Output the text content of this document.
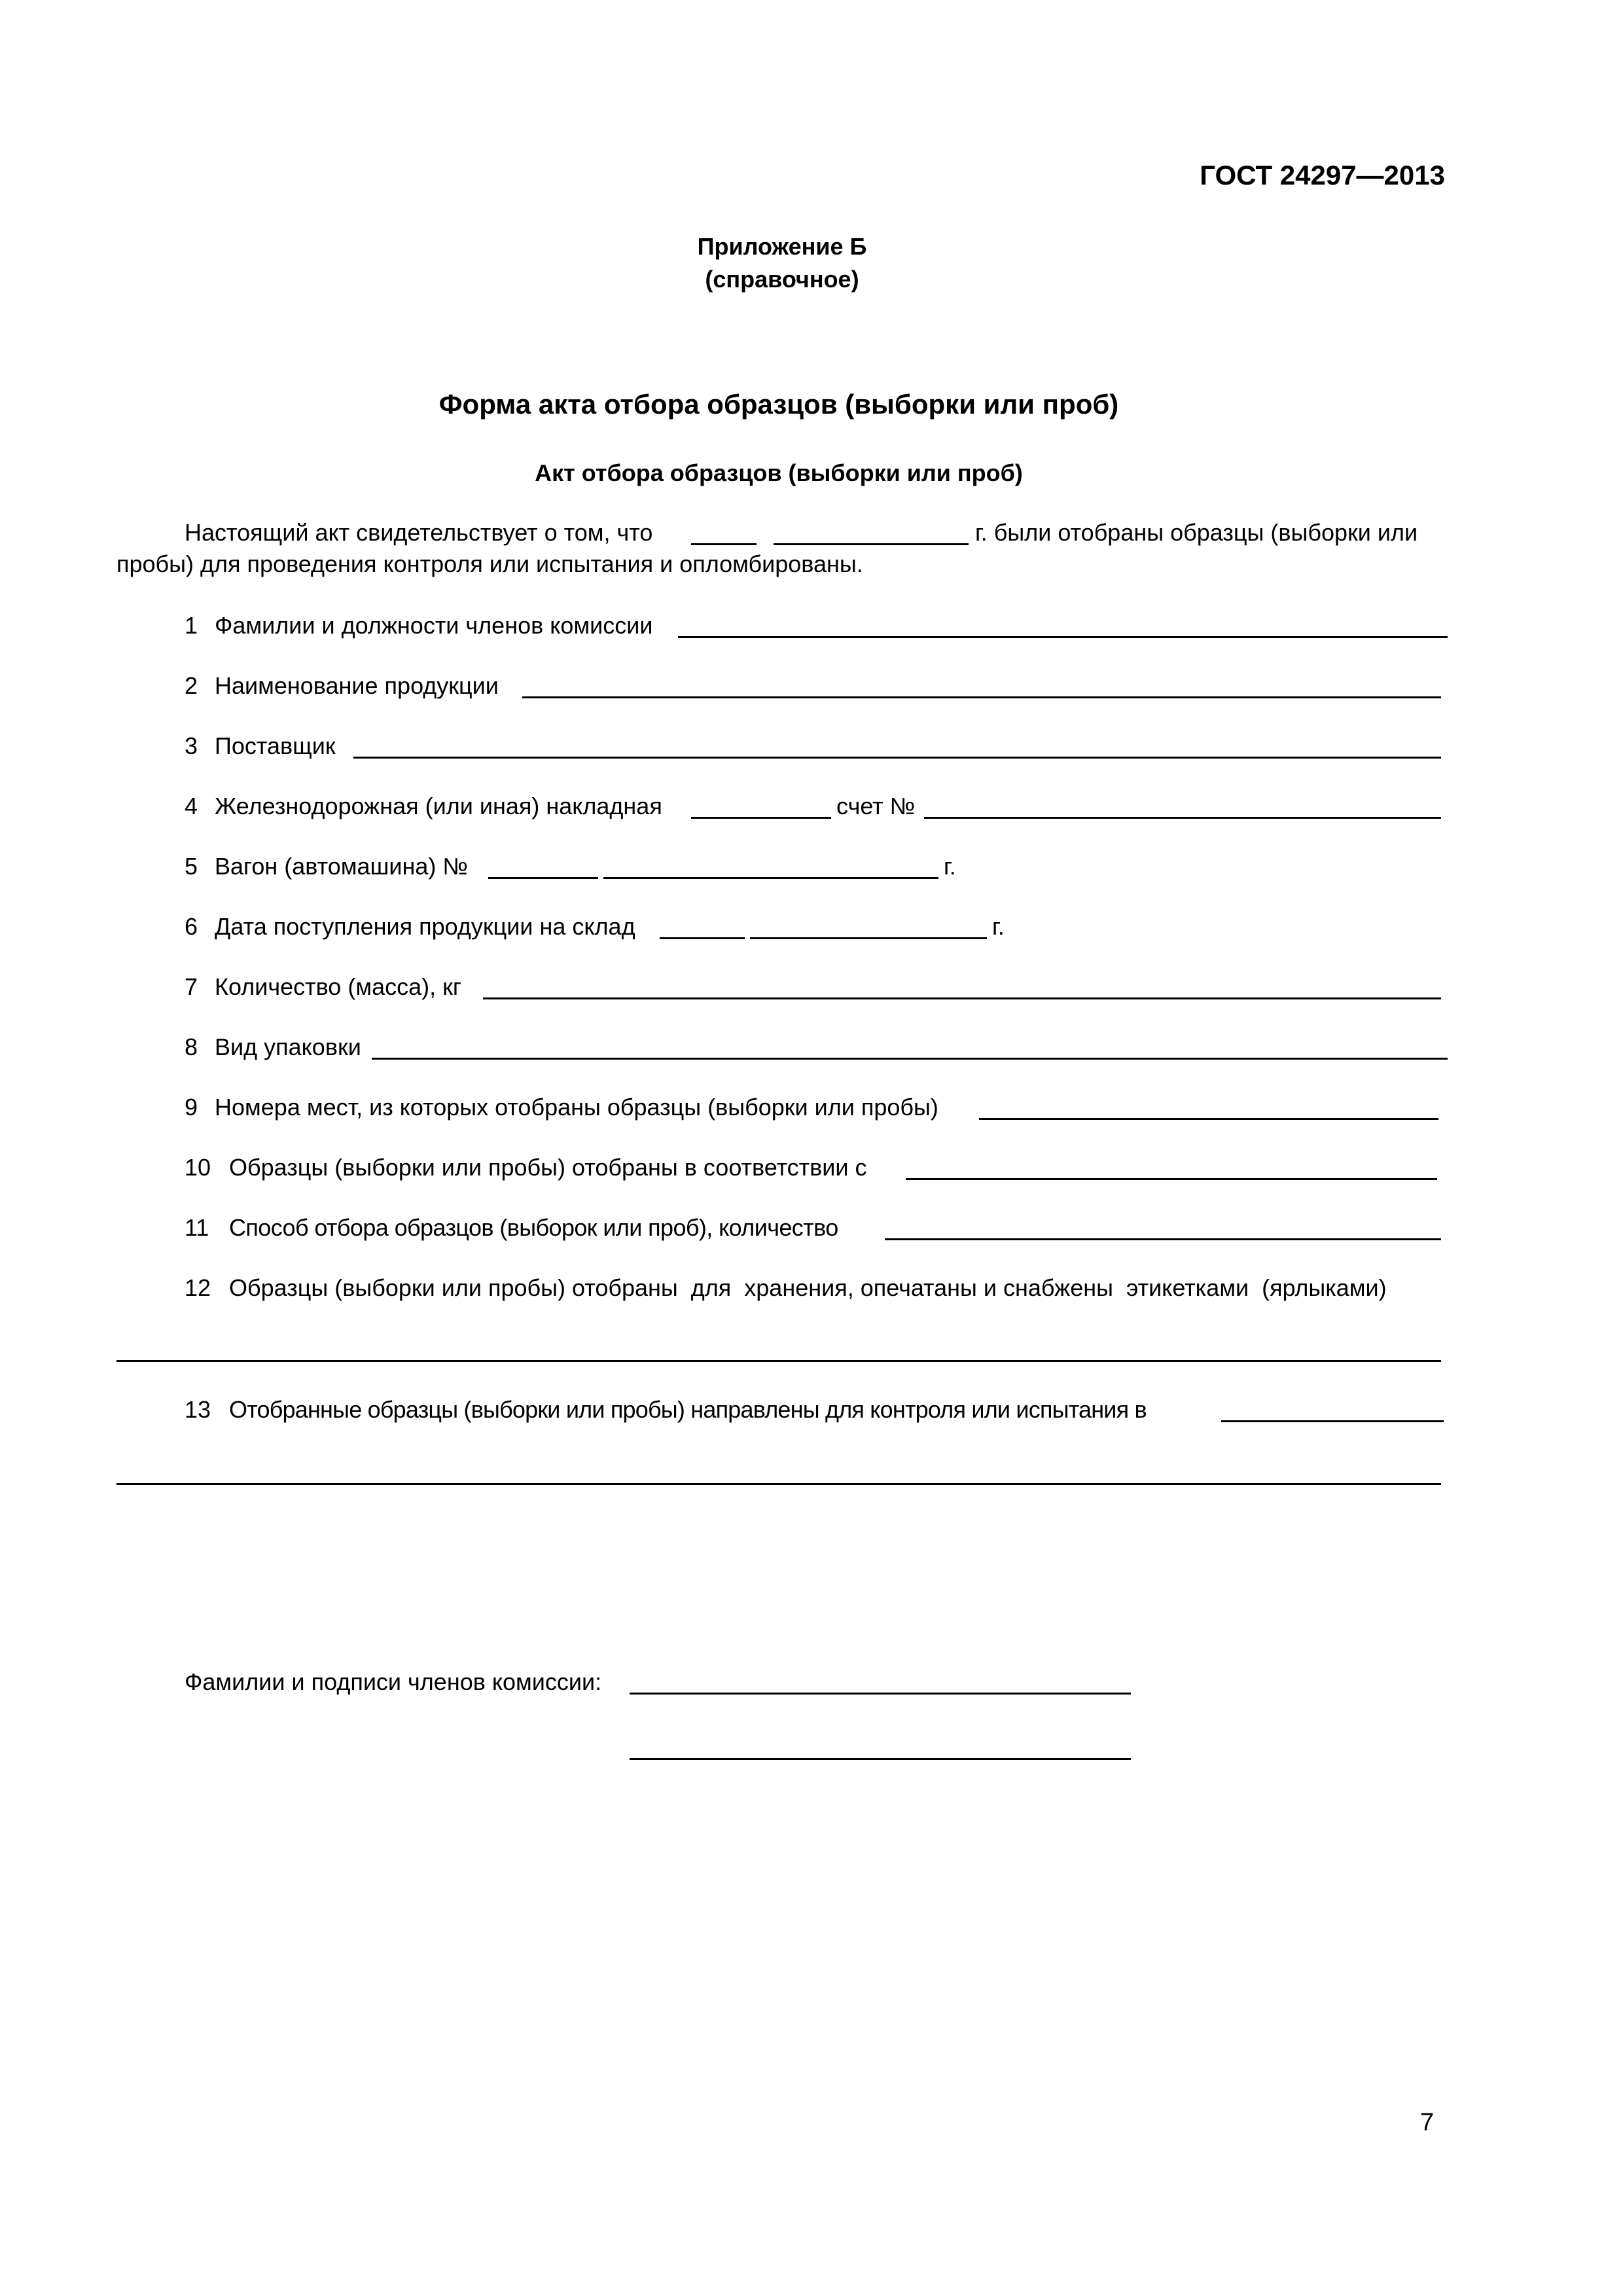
ГОСТ 24297—2013
Приложение Б
(справочное)
Форма акта отбора образцов (выборки или проб)
Акт отбора образцов (выборки или проб)
Настоящий акт свидетельствует о том, что	г. были отобраны образцы (выборки или
пробы) для проведения контроля или испытания и опломбированы.
1 Фамилии и должности членов комиссии
2 Наименование продукции
3 Поставщик
4 Железнодорожная (или иная) накладная	счет №
5 Вагон (автомашина) №	г.
6 Дата поступления продукции на склад	г.
7 Количество (масса), кг
8 Вид упаковки
9 Номера мест, из которых отобраны образцы (выборки или пробы)
10 Образцы (выборки или пробы) отобраны в соответствии с
11 Способ отбора образцов (выборок или проб), количество
12 Образцы (выборки или пробы) отобраны  для  хранения, опечатаны и снабжены  этикетками  (ярлыками)
13 Отобранные образцы (выборки или пробы) направлены для контроля или испытания в
Фамилии и подписи членов комиссии:
7
